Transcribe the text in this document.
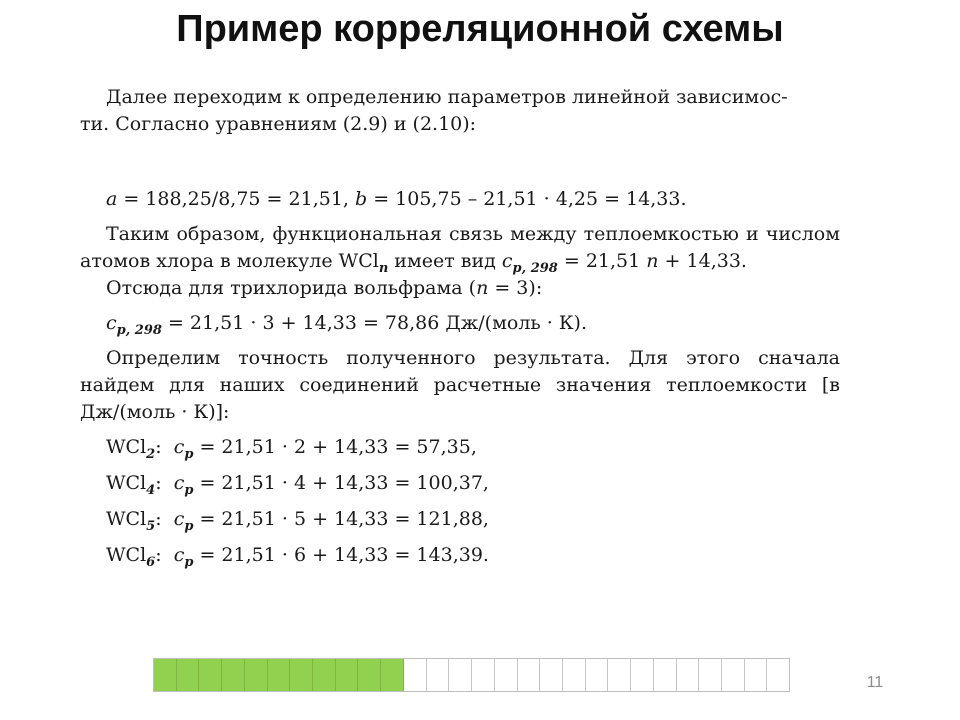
Пример корреляционной схемы

Далее переходим к определению параметров линейной зависимос-
ти. Согласно уравнениям (2.9) и (2.10):

a = 188,25/8,75 = 21,51, b = 105,75 – 21,51 · 4,25 = 14,33.

Таким образом, функциональная связь между теплоемкостью и числом атомов хлора в молекуле WCl$_n$ имеет вид $c_{p, 298} = 21,51$ n + 14,33.

Отсюда для трихлорида вольфрама (n = 3):

$c_{p, 298} = 21,51 \cdot 3 + 14,33 = 78,86$ Дж/(моль · К).

Определим точность полученного результата. Для этого сначала найдем для наших соединений расчетные значения теплоемкости [в Дж/(моль · К)]:

WCl$_2$:  $c_p = 21,51 \cdot 2 + 14,33 = 57,35$,

WCl$_4$:  $c_p = 21,51 \cdot 4 + 14,33 = 100,37$,

WCl$_5$:  $c_p = 21,51 \cdot 5 + 14,33 = 121,88$,

WCl$_6$:  $c_p = 21,51 \cdot 6 + 14,33 = 143,39$.

11
